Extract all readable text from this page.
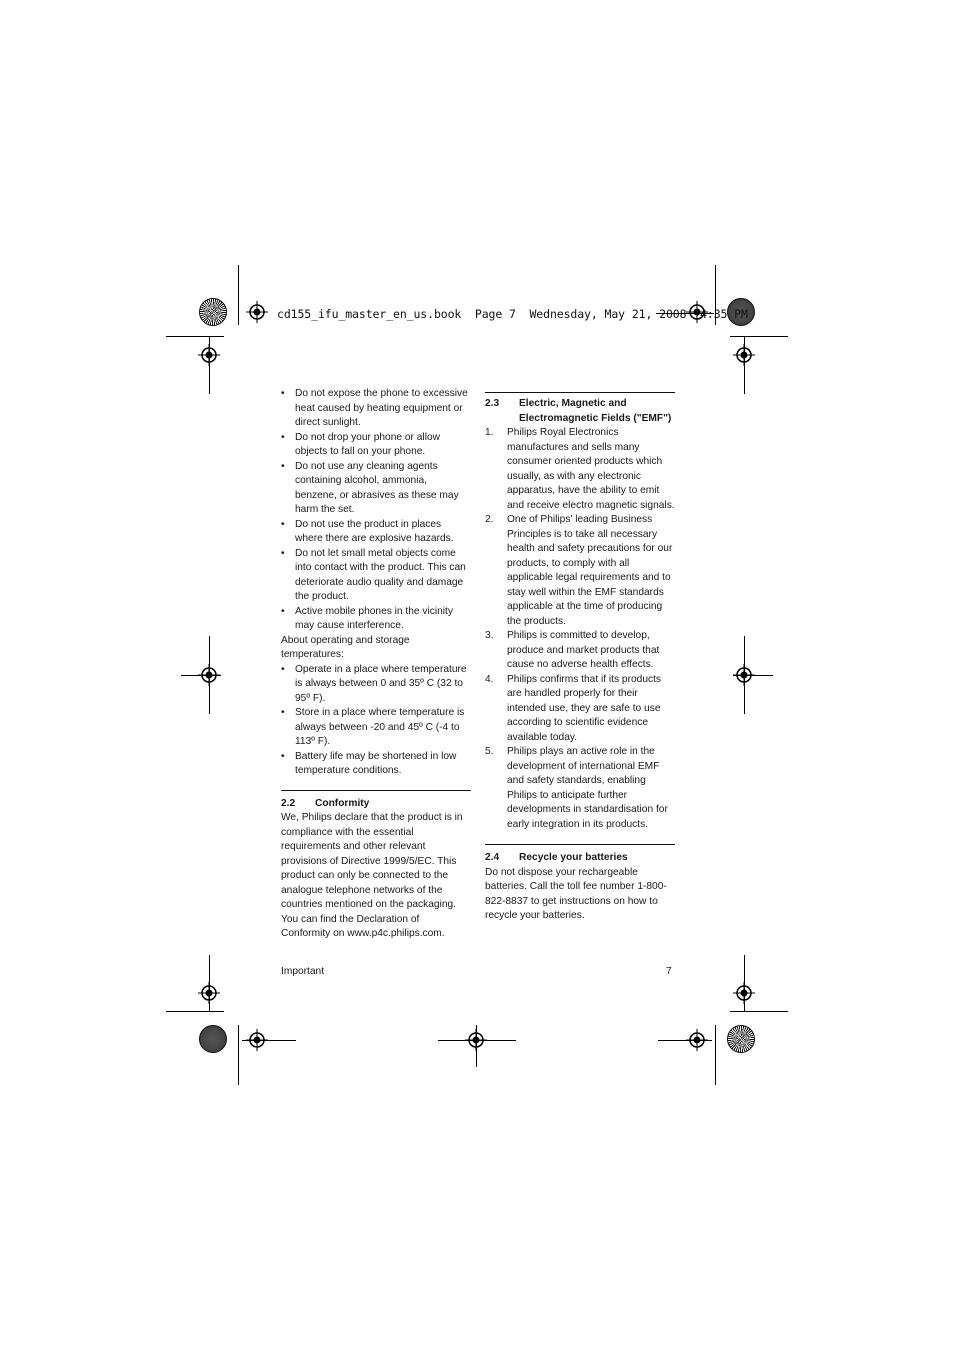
cd155_ifu_master_en_us.book  Page 7  Wednesday, May 21, 2008  4:35 PM
• Do not expose the phone to excessive heat caused by heating equipment or direct sunlight.
• Do not drop your phone or allow objects to fall on your phone.
• Do not use any cleaning agents containing alcohol, ammonia, benzene, or abrasives as these may harm the set.
• Do not use the product in places where there are explosive hazards.
• Do not let small metal objects come into contact with the product. This can deteriorate audio quality and damage the product.
• Active mobile phones in the vicinity may cause interference.

About operating and storage temperatures:

• Operate in a place where temperature is always between 0 and 35º C (32 to 95º F).
• Store in a place where temperature is always between -20 and 45º C (-4 to 113º F).
• Battery life may be shortened in low temperature conditions.
2.2	Conformity

We, Philips declare that the product is in compliance with the essential requirements and other relevant provisions of Directive 1999/5/EC. This product can only be connected to the analogue telephone networks of the countries mentioned on the packaging. You can find the Declaration of Conformity on www.p4c.philips.com.

2.3	Electric, Magnetic and Electromagnetic Fields ("EMF")
1. Philips Royal Electronics manufactures and sells many consumer oriented products which usually, as with any electronic apparatus, have the ability to emit and receive electro magnetic signals.
2. One of Philips' leading Business Principles is to take all necessary health and safety precautions for our products, to comply with all applicable legal requirements and to stay well within the EMF standards applicable at the time of producing the products.
3. Philips is committed to develop, produce and market products that cause no adverse health effects.
4. Philips confirms that if its products are handled properly for their intended use, they are safe to use according to scientific evidence available today.
5. Philips plays an active role in the development of international EMF and safety standards, enabling Philips to anticipate further developments in standardisation for early integration in its products.
2.4	Recycle your batteries

Do not dispose your rechargeable batteries. Call the toll fee number 1-800-822-8837 to get instructions on how to recycle your batteries.

Important	7
